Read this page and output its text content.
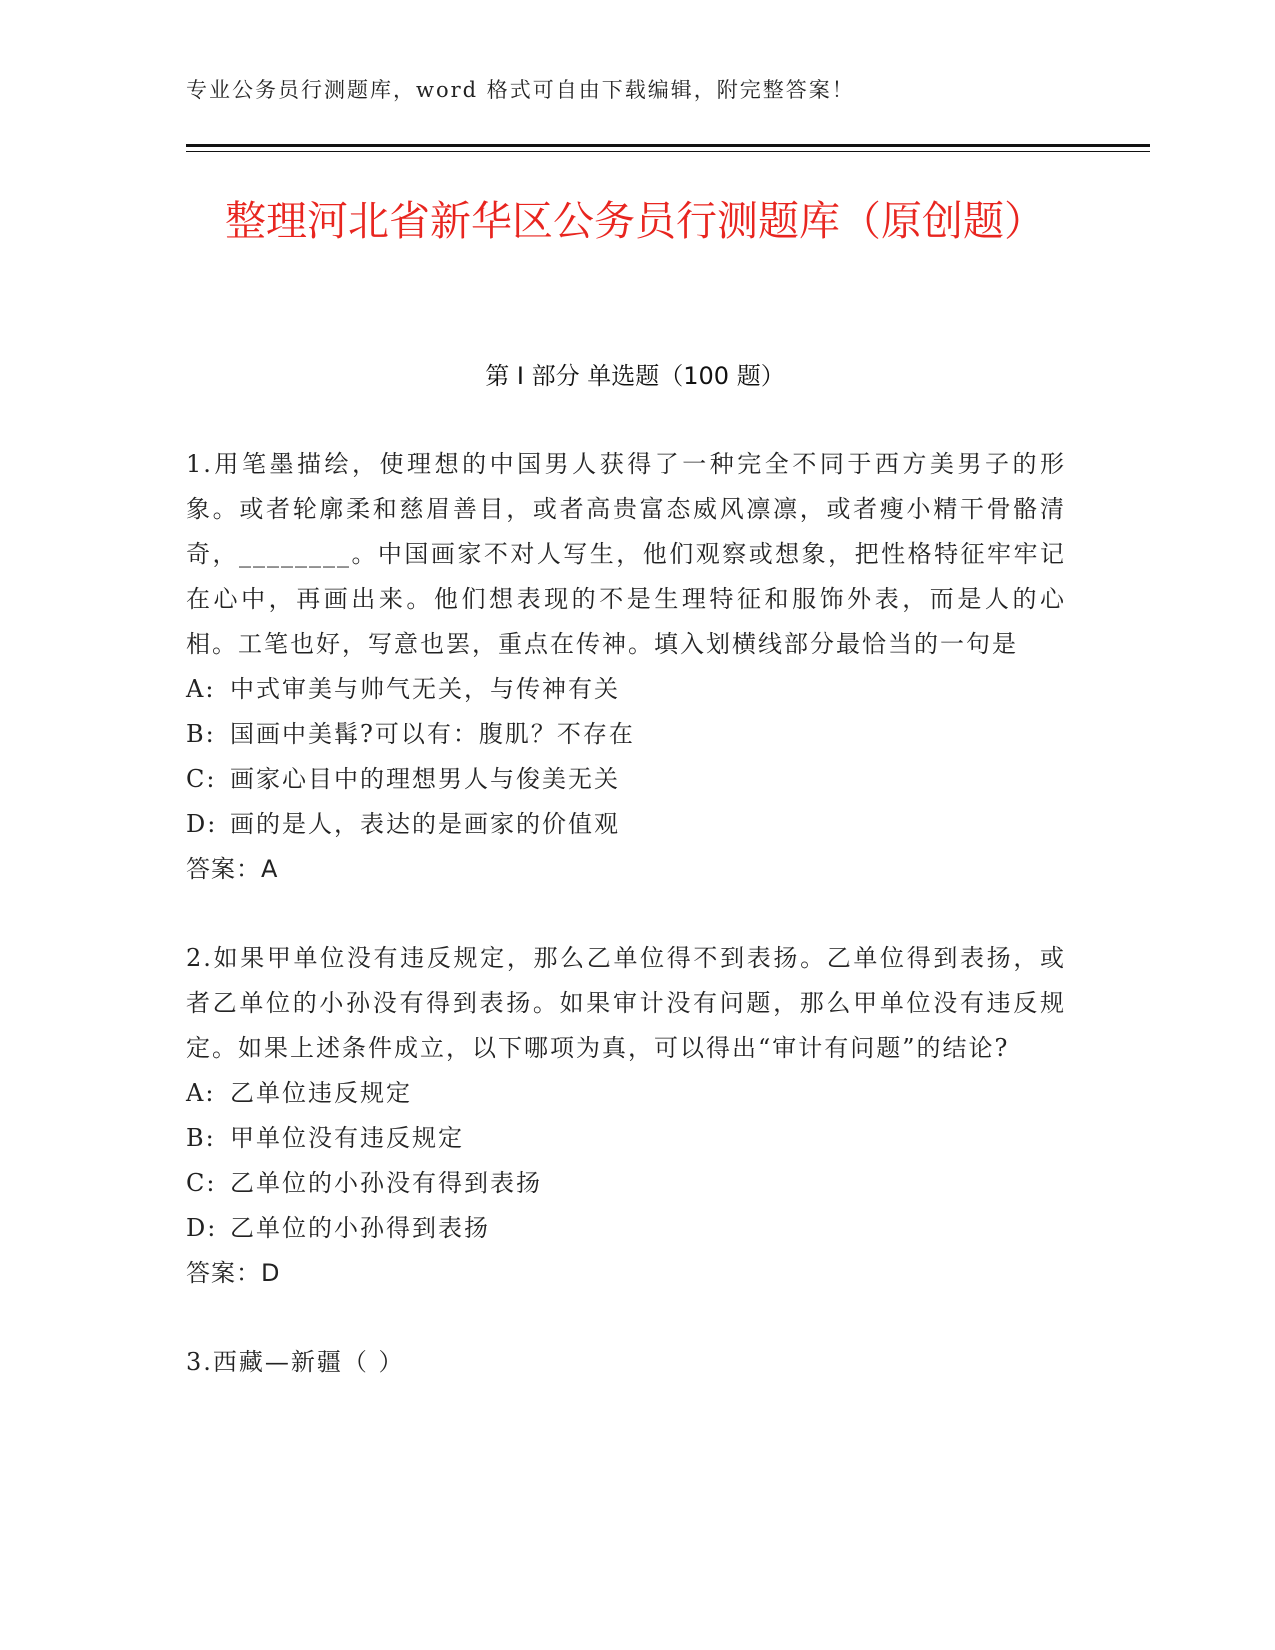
专业公务员行测题库，word 格式可自由下载编辑，附完整答案！
整理河北省新华区公务员行测题库（原创题）
第 I 部分 单选题（100 题）
1.用笔墨描绘，使理想的中国男人获得了一种完全不同于西方美男子的形象。或者轮廓柔和慈眉善目，或者高贵富态威风凛凛，或者瘦小精干骨骼清奇，________。中国画家不对人写生，他们观察或想象，把性格特征牢牢记在心中，再画出来。他们想表现的不是生理特征和服饰外表，而是人的心相。工笔也好，写意也罢，重点在传神。填入划横线部分最恰当的一句是
A: 中式审美与帅气无关，与传神有关
B: 国画中美髯?可以有：腹肌？不存在
C: 画家心目中的理想男人与俊美无关
D: 画的是人，表达的是画家的价值观
答案：A
2.如果甲单位没有违反规定，那么乙单位得不到表扬。乙单位得到表扬，或者乙单位的小孙没有得到表扬。如果审计没有问题，那么甲单位没有违反规定。如果上述条件成立，以下哪项为真，可以得出“审计有问题”的结论?
A: 乙单位违反规定
B: 甲单位没有违反规定
C: 乙单位的小孙没有得到表扬
D: 乙单位的小孙得到表扬
答案：D
3.西藏—新疆（ ）
